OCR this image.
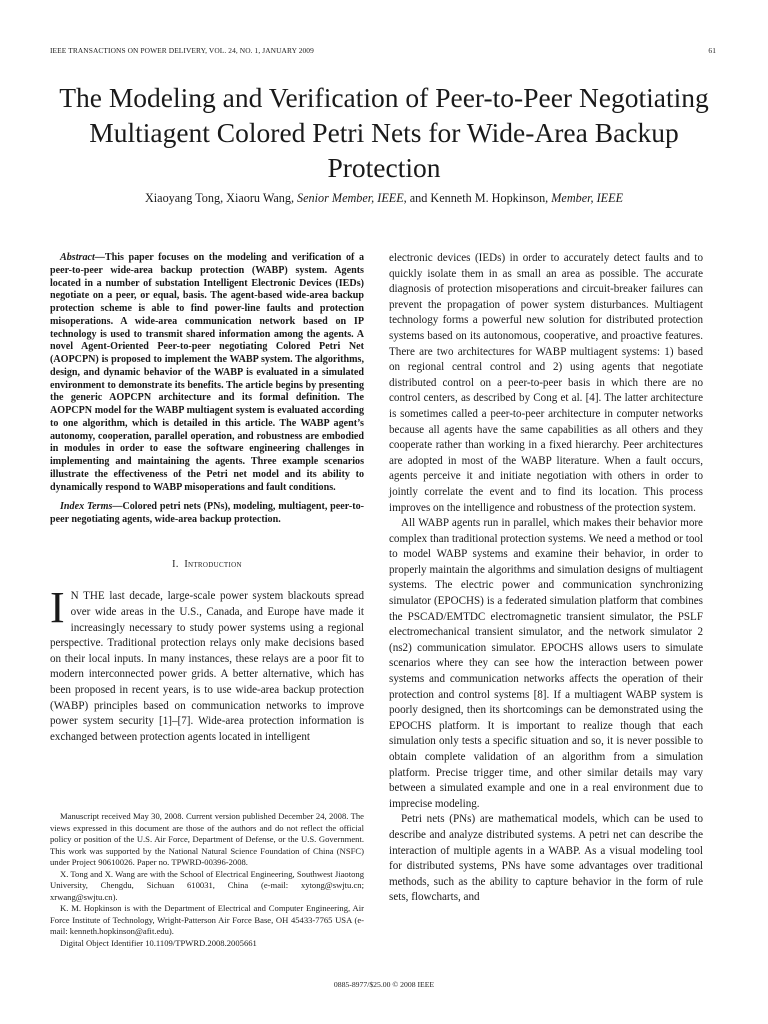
IEEE TRANSACTIONS ON POWER DELIVERY, VOL. 24, NO. 1, JANUARY 2009	61
The Modeling and Verification of Peer-to-Peer Negotiating Multiagent Colored Petri Nets for Wide-Area Backup Protection
Xiaoyang Tong, Xiaoru Wang, Senior Member, IEEE, and Kenneth M. Hopkinson, Member, IEEE

Abstract—This paper focuses on the modeling and verification of a peer-to-peer wide-area backup protection (WABP) system. Agents located in a number of substation Intelligent Electronic Devices (IEDs) negotiate on a peer, or equal, basis. The agent-based wide-area backup protection scheme is able to find power-line faults and protection misoperations. A wide-area communication network based on IP technology is used to transmit shared information among the agents. A novel Agent-Oriented Peer-to-peer negotiating Colored Petri Net (AOPCPN) is proposed to implement the WABP system. The algorithms, design, and dynamic behavior of the WABP is evaluated in a simulated environment to demonstrate its benefits. The article begins by presenting the generic AOPCPN architecture and its formal definition. The AOPCPN model for the WABP multiagent system is evaluated according to one algorithm, which is detailed in this article. The WABP agent’s autonomy, cooperation, parallel operation, and robustness are embodied in modules in order to ease the software engineering challenges in implementing and maintaining the agents. Three example scenarios illustrate the effectiveness of the Petri net model and its ability to dynamically respond to WABP misoperations and fault conditions.

Index Terms—Colored petri nets (PNs), modeling, multiagent, peer-to-peer negotiating agents, wide-area backup protection.

I. Introduction

I N THE last decade, large-scale power system blackouts spread over wide areas in the U.S., Canada, and Europe have made it increasingly necessary to study power systems using a regional perspective. Traditional protection relays only make decisions based on their local inputs. In many instances, these relays are a poor fit to modern interconnected power grids. A better alternative, which has been proposed in recent years, is to use wide-area backup protection (WABP) principles based on communication networks to improve power system security [1]–[7]. Wide-area protection information is exchanged between protection agents located in intelligent

Manuscript received May 30, 2008. Current version published December 24, 2008. The views expressed in this document are those of the authors and do not reflect the official policy or position of the U.S. Air Force, Department of Defense, or the U.S. Government. This work was supported by the National Natural Science Foundation of China (NSFC) under Project 90610026. Paper no. TPWRD-00396-2008.

X. Tong and X. Wang are with the School of Electrical Engineering, Southwest Jiaotong University, Chengdu, Sichuan 610031, China (e-mail: xytong@swjtu.cn; xrwang@swjtu.cn).

K. M. Hopkinson is with the Department of Electrical and Computer Engineering, Air Force Institute of Technology, Wright-Patterson Air Force Base, OH 45433-7765 USA (e-mail: kenneth.hopkinson@afit.edu).

Digital Object Identifier 10.1109/TPWRD.2008.2005661

electronic devices (IEDs) in order to accurately detect faults and to quickly isolate them in as small an area as possible. The accurate diagnosis of protection misoperations and circuit-breaker failures can prevent the propagation of power system disturbances. Multiagent technology forms a powerful new solution for distributed protection systems based on its autonomous, cooperative, and proactive features. There are two architectures for WABP multiagent systems: 1) based on regional central control and 2) using agents that negotiate distributed control on a peer-to-peer basis in which there are no control centers, as described by Cong et al. [4]. The latter architecture is sometimes called a peer-to-peer architecture in computer networks because all agents have the same capabilities as all others and they cooperate rather than working in a fixed hierarchy. Peer architectures are adopted in most of the WABP literature. When a fault occurs, agents perceive it and initiate negotiation with others in order to jointly correlate the event and to find its location. This process improves on the intelligence and robustness of the protection system.

All WABP agents run in parallel, which makes their behavior more complex than traditional protection systems. We need a method or tool to model WABP systems and examine their behavior, in order to properly maintain the algorithms and simulation designs of multiagent systems. The electric power and communication synchronizing simulator (EPOCHS) is a federated simulation platform that combines the PSCAD/EMTDC electromagnetic transient simulator, the PSLF electromechanical transient simulator, and the network simulator 2 (ns2) communication simulator. EPOCHS allows users to simulate scenarios where they can see how the interaction between power systems and communication networks affects the operation of their protection and control systems [8]. If a multiagent WABP system is poorly designed, then its shortcomings can be demonstrated using the EPOCHS platform. It is important to realize though that each simulation only tests a specific situation and so, it is never possible to obtain complete validation of an algorithm from a simulation platform. Precise trigger time, and other similar details may vary between a simulated example and one in a real environment due to imprecise modeling.

Petri nets (PNs) are mathematical models, which can be used to describe and analyze distributed systems. A petri net can describe the interaction of multiple agents in a WABP. As a visual modeling tool for distributed systems, PNs have some advantages over traditional methods, such as the ability to capture behavior in the form of rule sets, flowcharts, and

0885-8977/$25.00 © 2008 IEEE
